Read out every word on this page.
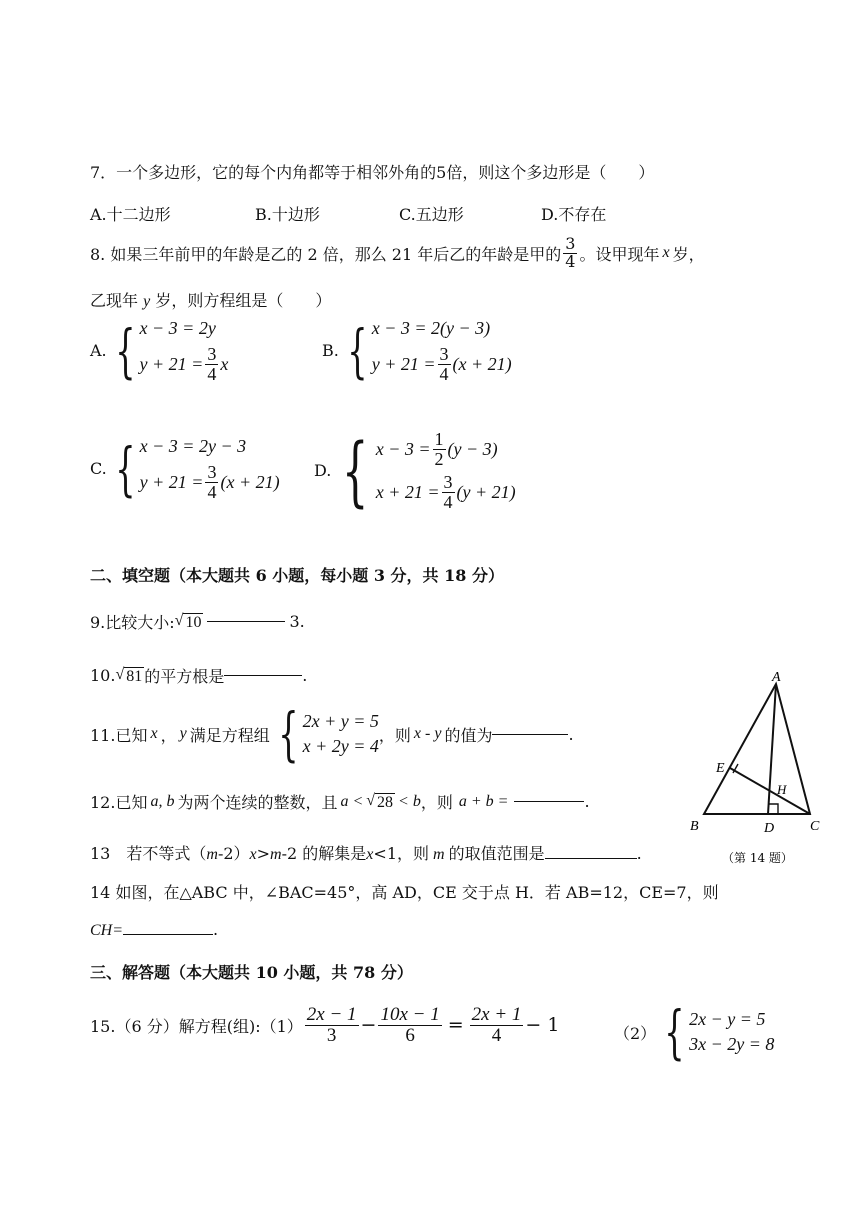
7．一个多边形，它的每个内角都等于相邻外角的5倍，则这个多边形是（　　）
A.十二边形	B.十边形	C.五边形	D.不存在
8. 如果三年前甲的年龄是乙的 2 倍，那么 21 年后乙的年龄是甲的 $\frac{3}{4}$ 。设甲现年 x 岁，
乙现年 y 岁，则方程组是（　　）
A. { x − 3 = 2y
$y + 21 = \frac{3}{4}$ x
B. { x − 3 = 2(y − 3)
$y + 21 = \frac{3}{4} (x + 21)$
C. { x − 3 = 2y − 3
$y + 21 = \frac{3}{4} (x + 21)$
D. { $x - 3 = \frac{1}{2} (y - 3)$
$x + 21 = \frac{3}{4} (y + 21)$
二、填空题（本大题共 6 小题，每小题 3 分，共 18 分）
9.比较大小: √ 10	3.
10. √ 81 的平方根是	.
11.已知 x ， y 满足方程组 { 2x + y = 5
x + 2y = 4
，则 x - y 的值为	.
12.已知 a, b 为两个连续的整数，且 a < √ 28 < b ，则 a + b =	.
13　若不等式（ m -2） x > m -2 的解集是 x <1，则 m 的取值范围是	.
14 如图，在△ABC 中，∠BAC=45°，高 AD，CE 交于点 H．若 AB=12，CE=7，则
CH=	.
A
B	C
D
E
H
（第 14 题）
三、解答题（本大题共 10 小题，共 78 分）
15.（6 分）解方程(组):（1） $\frac{2x - 1}{3} - \frac{10x - 1}{6} = \frac{2x + 1}{4} - 1$	（2） { 2x − y = 5
3x − 2y = 8
